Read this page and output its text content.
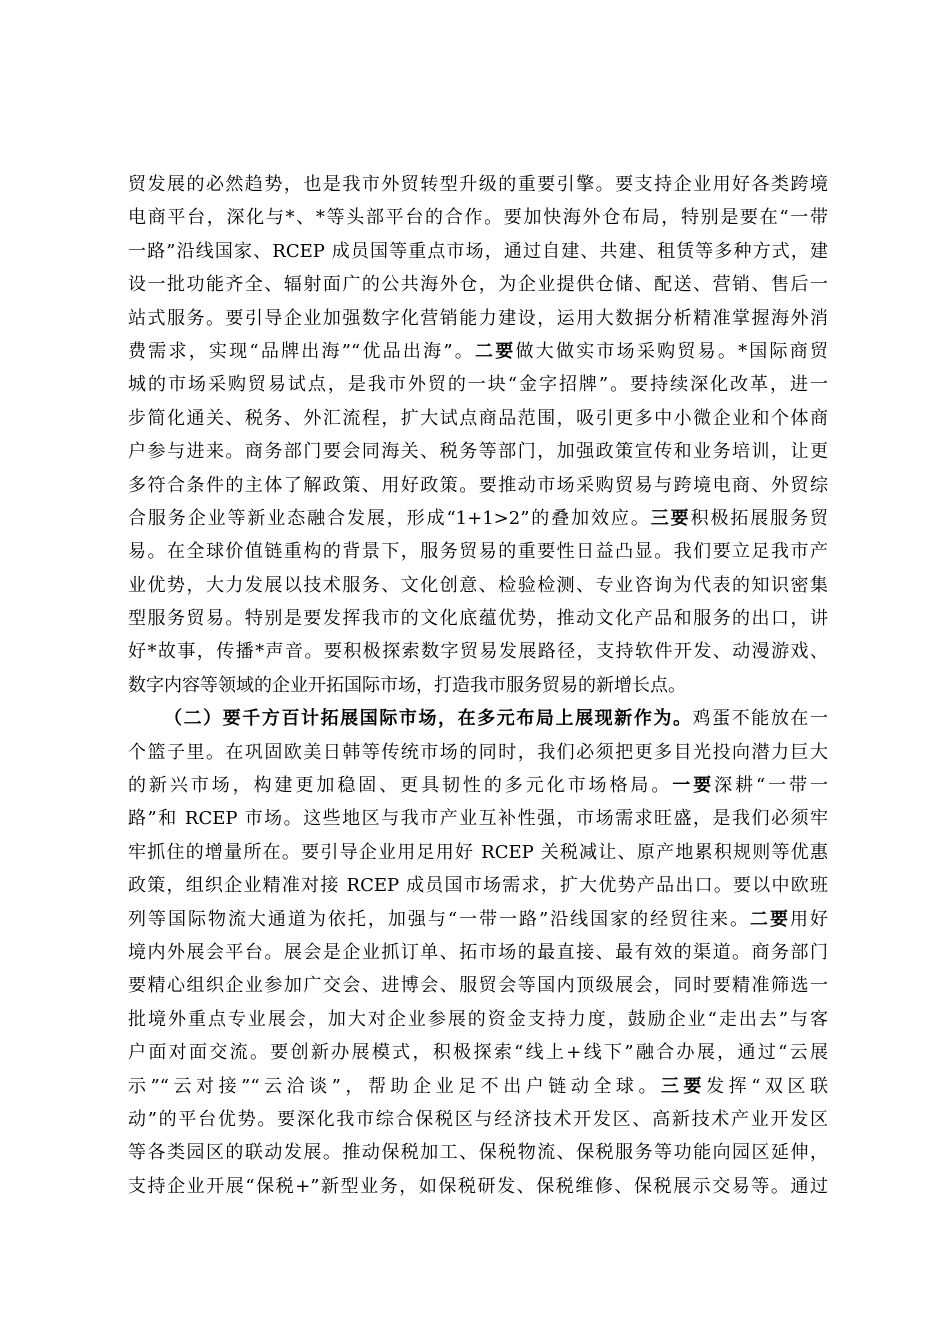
贸发展的必然趋势，也是我市外贸转型升级的重要引擎。要支持企业用好各类跨境
电商平台，深化与*、*等头部平台的合作。要加快海外仓布局，特别是要在“一带
一路”沿线国家、RCEP 成员国等重点市场，通过自建、共建、租赁等多种方式，建
设一批功能齐全、辐射面广的公共海外仓，为企业提供仓储、配送、营销、售后一
站式服务。要引导企业加强数字化营销能力建设，运用大数据分析精准掌握海外消
费需求，实现“品牌出海”“优品出海”。二要做大做实市场采购贸易。*国际商贸
城的市场采购贸易试点，是我市外贸的一块“金字招牌”。要持续深化改革，进一
步简化通关、税务、外汇流程，扩大试点商品范围，吸引更多中小微企业和个体商
户参与进来。商务部门要会同海关、税务等部门，加强政策宣传和业务培训，让更
多符合条件的主体了解政策、用好政策。要推动市场采购贸易与跨境电商、外贸综
合服务企业等新业态融合发展，形成“1+1>2”的叠加效应。三要积极拓展服务贸
易。在全球价值链重构的背景下，服务贸易的重要性日益凸显。我们要立足我市产
业优势，大力发展以技术服务、文化创意、检验检测、专业咨询为代表的知识密集
型服务贸易。特别是要发挥我市的文化底蕴优势，推动文化产品和服务的出口，讲
好*故事，传播*声音。要积极探索数字贸易发展路径，支持软件开发、动漫游戏、
数字内容等领域的企业开拓国际市场，打造我市服务贸易的新增长点。
（二）要千方百计拓展国际市场，在多元布局上展现新作为。鸡蛋不能放在一
个篮子里。在巩固欧美日韩等传统市场的同时，我们必须把更多目光投向潜力巨大
的新兴市场，构建更加稳固、更具韧性的多元化市场格局。一要深耕“一带一
路”和 RCEP 市场。这些地区与我市产业互补性强，市场需求旺盛，是我们必须牢
牢抓住的增量所在。要引导企业用足用好 RCEP 关税减让、原产地累积规则等优惠
政策，组织企业精准对接 RCEP 成员国市场需求，扩大优势产品出口。要以中欧班
列等国际物流大通道为依托，加强与“一带一路”沿线国家的经贸往来。二要用好
境内外展会平台。展会是企业抓订单、拓市场的最直接、最有效的渠道。商务部门
要精心组织企业参加广交会、进博会、服贸会等国内顶级展会，同时要精准筛选一
批境外重点专业展会，加大对企业参展的资金支持力度，鼓励企业“走出去”与客
户面对面交流。要创新办展模式，积极探索“线上+线下”融合办展，通过“云展
示”“云对接”“云洽谈”，帮助企业足不出户链动全球。三要发挥“双区联
动”的平台优势。要深化我市综合保税区与经济技术开发区、高新技术产业开发区
等各类园区的联动发展。推动保税加工、保税物流、保税服务等功能向园区延伸，
支持企业开展“保税+”新型业务，如保税研发、保税维修、保税展示交易等。通过
